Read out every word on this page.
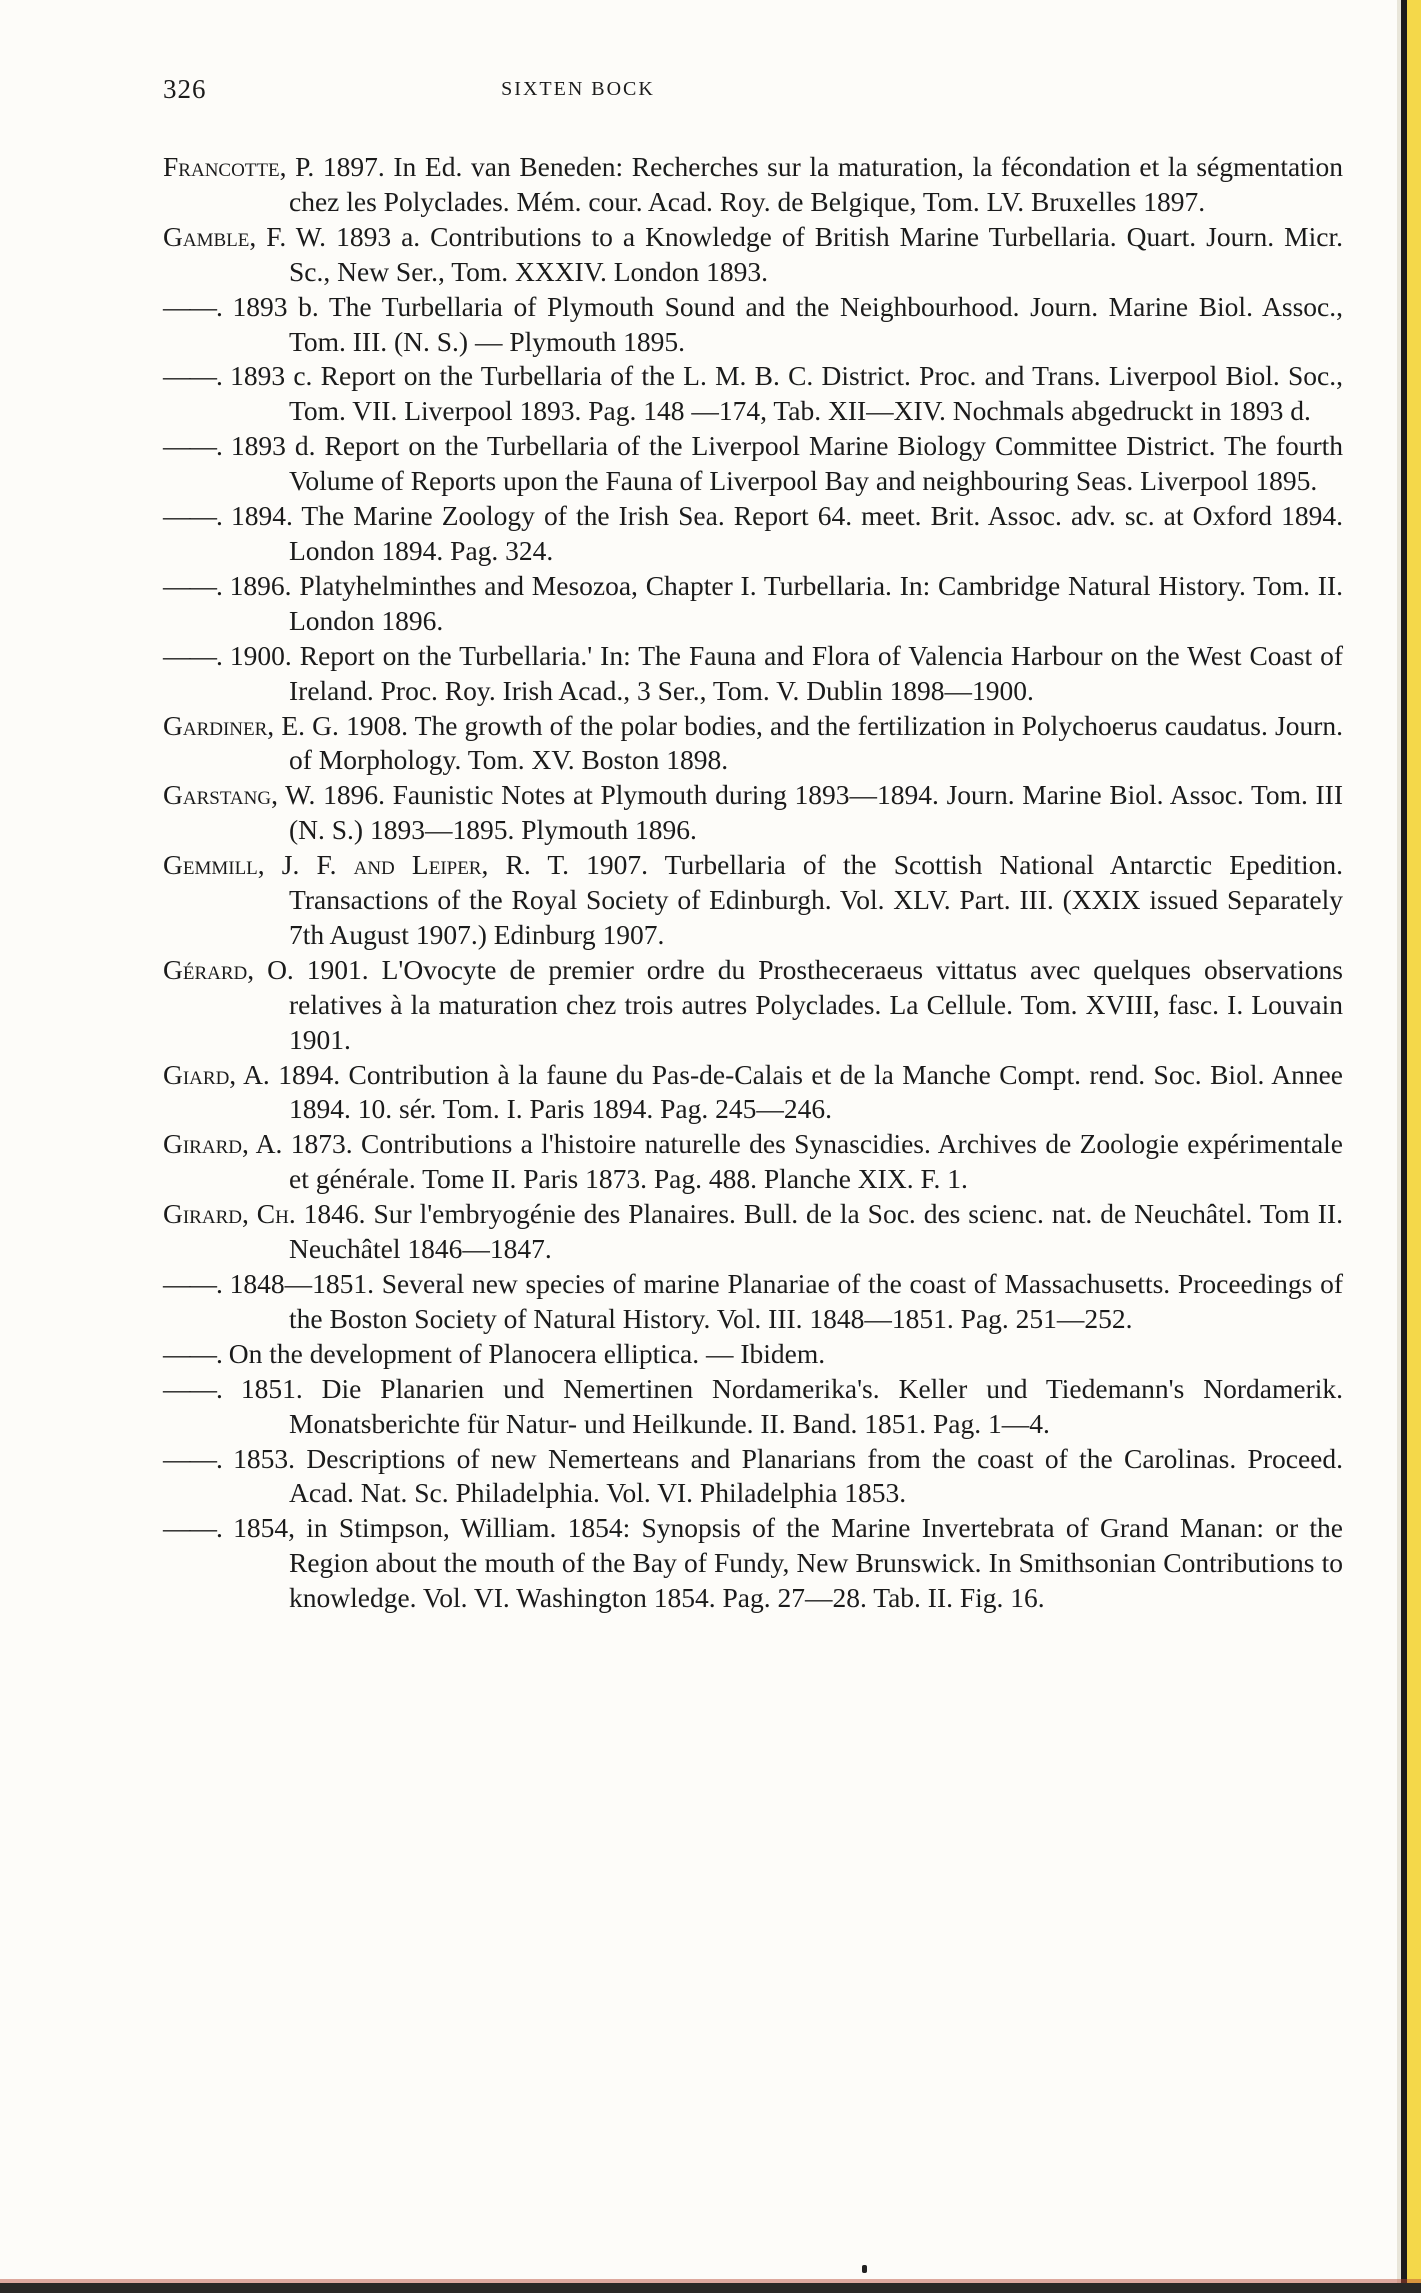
326	SIXTEN BOCK

Francotte, P. 1897. In Ed. van Beneden: Recherches sur la maturation, la fécondation et la ségmentation chez les Polyclades. Mém. cour. Acad. Roy. de Belgique, Tom. LV. Bruxelles 1897.

Gamble, F. W. 1893 a. Contributions to a Knowledge of British Marine Turbellaria. Quart. Journ. Micr. Sc., New Ser., Tom. XXXIV. London 1893.

——. 1893 b. The Turbellaria of Plymouth Sound and the Neighbourhood. Journ. Marine Biol. Assoc., Tom. III. (N. S.) — Plymouth 1895.

——. 1893 c. Report on the Turbellaria of the L. M. B. C. District. Proc. and Trans. Liverpool Biol. Soc., Tom. VII. Liverpool 1893. Pag. 148 —174, Tab. XII—XIV. Nochmals abgedruckt in 1893 d.

——. 1893 d. Report on the Turbellaria of the Liverpool Marine Biology Committee District. The fourth Volume of Reports upon the Fauna of Liverpool Bay and neighbouring Seas. Liverpool 1895.

——. 1894. The Marine Zoology of the Irish Sea. Report 64. meet. Brit. Assoc. adv. sc. at Oxford 1894. London 1894. Pag. 324.

——. 1896. Platyhelminthes and Mesozoa, Chapter I. Turbellaria. In: Cambridge Natural History. Tom. II. London 1896.

——. 1900. Report on the Turbellaria.' In: The Fauna and Flora of Valencia Harbour on the West Coast of Ireland. Proc. Roy. Irish Acad., 3 Ser., Tom. V. Dublin 1898—1900.

Gardiner, E. G. 1908. The growth of the polar bodies, and the fertilization in Polychoerus caudatus. Journ. of Morphology. Tom. XV. Boston 1898.

Garstang, W. 1896. Faunistic Notes at Plymouth during 1893—1894. Journ. Marine Biol. Assoc. Tom. III (N. S.) 1893—1895. Plymouth 1896.

Gemmill, J. F. and Leiper, R. T. 1907. Turbellaria of the Scottish National Antarctic Epedition. Transactions of the Royal Society of Edinburgh. Vol. XLV. Part. III. (XXIX issued Separately 7th August 1907.) Edinburg 1907.

Gérard, O. 1901. L'Ovocyte de premier ordre du Prostheceraeus vittatus avec quelques observations relatives à la maturation chez trois autres Polyclades. La Cellule. Tom. XVIII, fasc. I. Louvain 1901.

Giard, A. 1894. Contribution à la faune du Pas-de-Calais et de la Manche Compt. rend. Soc. Biol. Annee 1894. 10. sér. Tom. I. Paris 1894. Pag. 245—246.

Girard, A. 1873. Contributions a l'histoire naturelle des Synascidies. Archives de Zoologie expérimentale et générale. Tome II. Paris 1873. Pag. 488. Planche XIX. F. 1.

Girard, Ch. 1846. Sur l'embryogénie des Planaires. Bull. de la Soc. des scienc. nat. de Neuchâtel. Tom II. Neuchâtel 1846—1847.

——. 1848—1851. Several new species of marine Planariae of the coast of Massachusetts. Proceedings of the Boston Society of Natural History. Vol. III. 1848—1851. Pag. 251—252.

——. On the development of Planocera elliptica. — Ibidem.

——. 1851. Die Planarien und Nemertinen Nordamerika's. Keller und Tiedemann's Nordamerik. Monatsberichte für Natur- und Heilkunde. II. Band. 1851. Pag. 1—4.

——. 1853. Descriptions of new Nemerteans and Planarians from the coast of the Carolinas. Proceed. Acad. Nat. Sc. Philadelphia. Vol. VI. Philadelphia 1853.

——. 1854, in Stimpson, William. 1854: Synopsis of the Marine Invertebrata of Grand Manan: or the Region about the mouth of the Bay of Fundy, New Brunswick. In Smithsonian Contributions to knowledge. Vol. VI. Washington 1854. Pag. 27—28. Tab. II. Fig. 16.
